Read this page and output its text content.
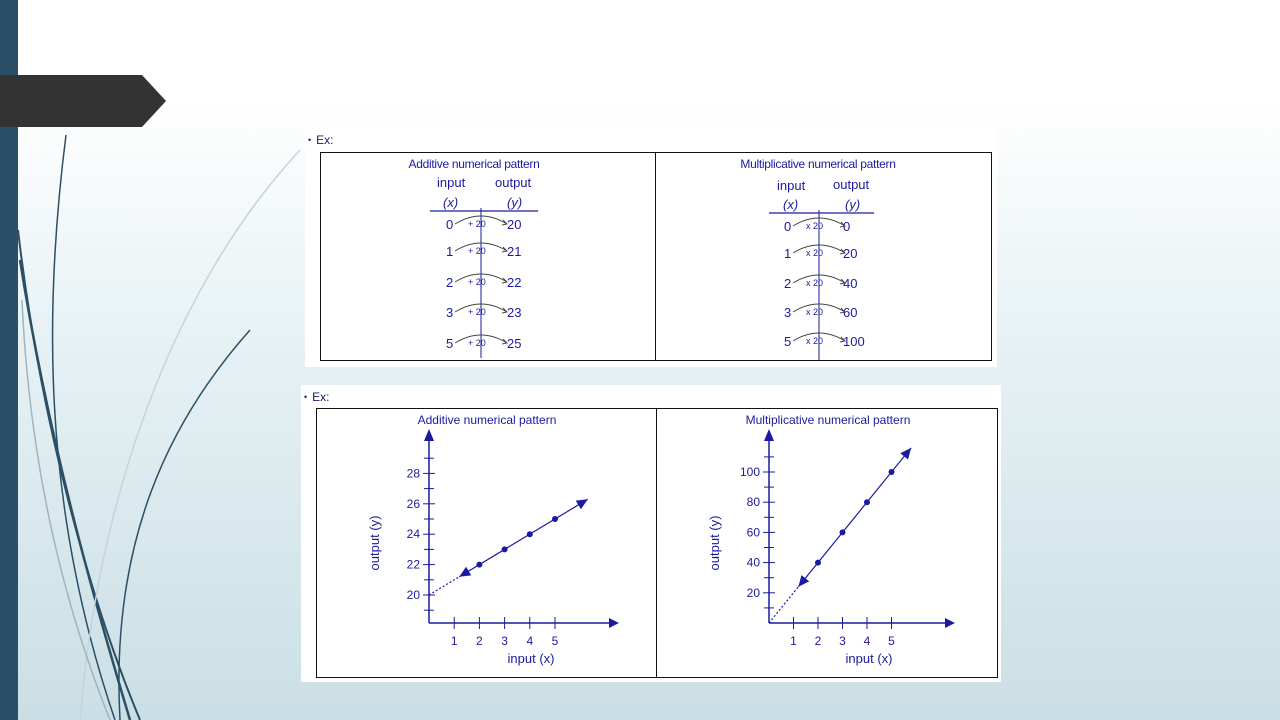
• Ex:
Additive numerical pattern
input output
(x)	(y)
0	20
+ 20
1	21
+ 20
2	22
+ 20
3	23
+ 20
5	25
+ 20
Multiplicative numerical pattern
input output
(x)	(y)
0	0
x 20
1	20
x 20
2	40
x 20
3	60
x 20
5	100
x 20
• Ex:
Additive numerical pattern
1 2 3 4 5
20
22
24
26
28
input (x)
output (y)
Multiplicative numerical pattern
1 2 3 4 5
20
40
60
80
100
input (x)
output (y)
